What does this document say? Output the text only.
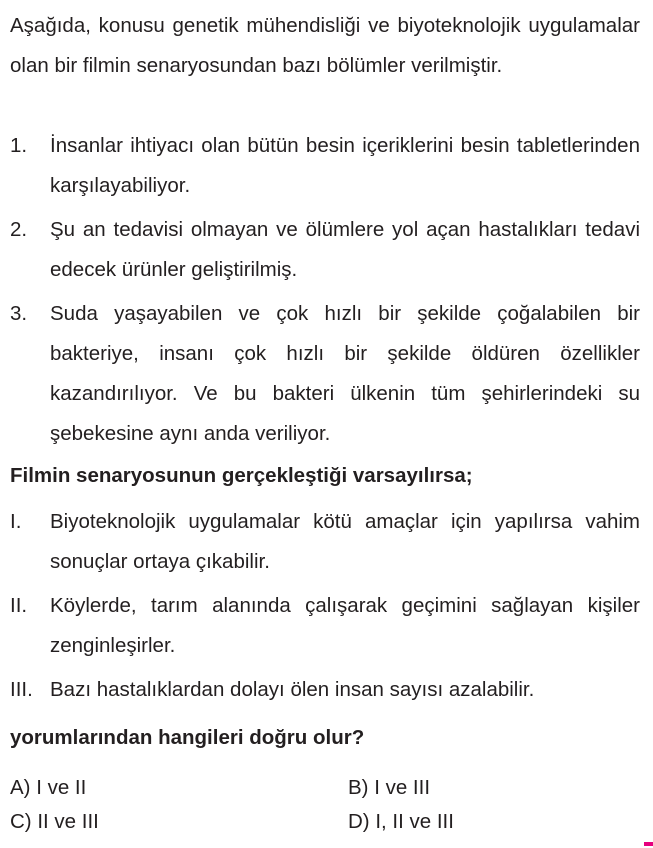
Aşağıda, konusu genetik mühendisliği ve biyoteknolojik uygulamalar olan bir filmin senaryosundan bazı bölümler verilmiştir.

1. İnsanlar ihtiyacı olan bütün besin içeriklerini besin tabletlerinden karşılayabiliyor.
2. Şu an tedavisi olmayan ve ölümlere yol açan hastalıkları tedavi edecek ürünler geliştirilmiş.
3. Suda yaşayabilen ve çok hızlı bir şekilde çoğalabilen bir bakteriye, insanı çok hızlı bir şekilde öldüren özellikler kazandırılıyor. Ve bu bakteri ülkenin tüm şehirlerindeki su şebekesine aynı anda veriliyor.
Filmin senaryosunun gerçekleştiği varsayılırsa;
I. Biyoteknolojik uygulamalar kötü amaçlar için yapılırsa vahim sonuçlar ortaya çıkabilir.
II. Köylerde, tarım alanında çalışarak geçimini sağlayan kişiler zenginleşirler.
III. Bazı hastalıklardan dolayı ölen insan sayısı azalabilir.
yorumlarından hangileri doğru olur?
A) I ve II	B) I ve III
C) II ve III	D) I, II ve III
